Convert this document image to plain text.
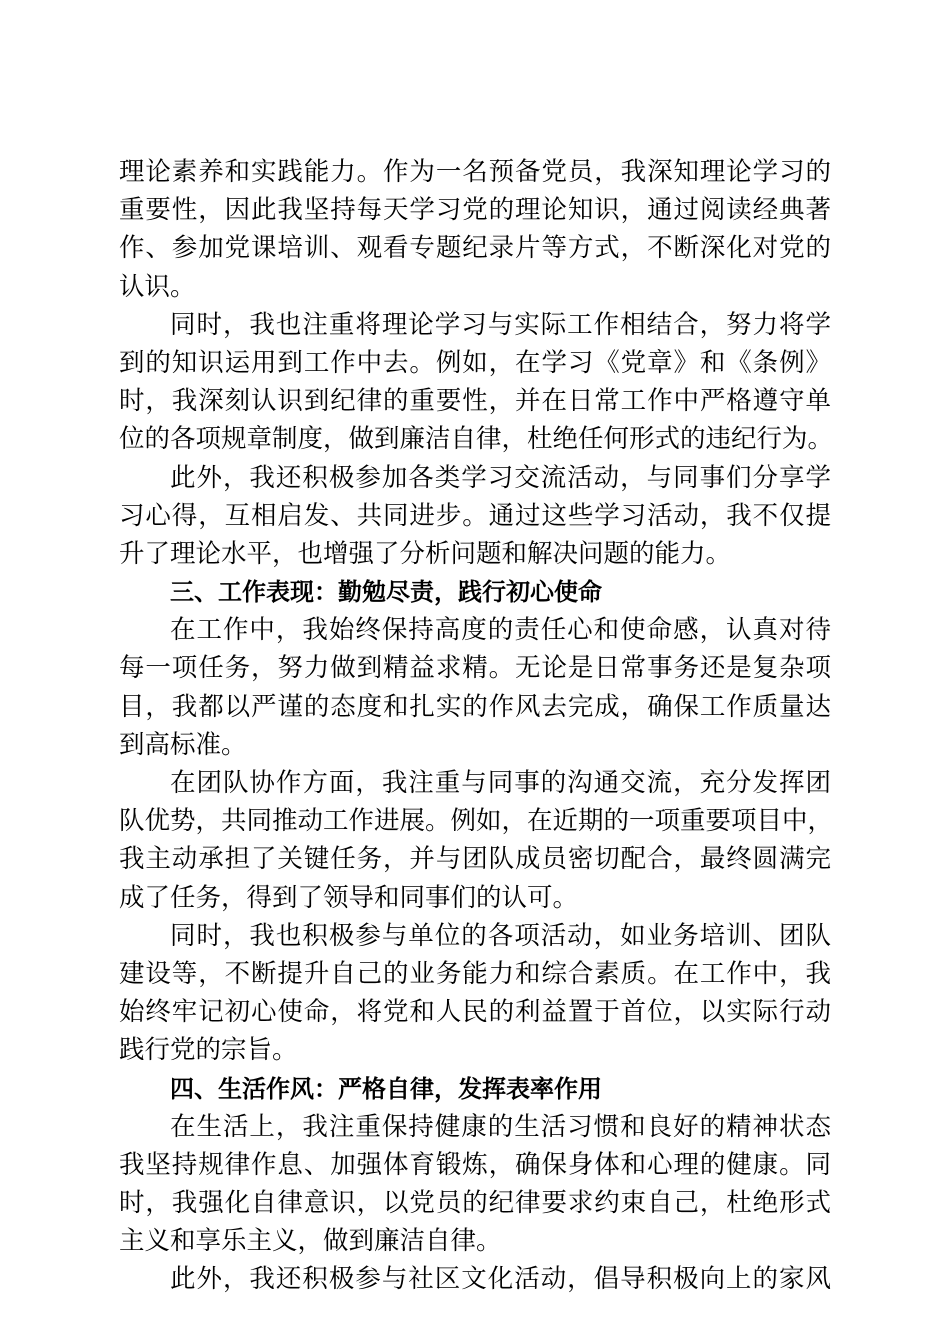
理论素养和实践能力。作为一名预备党员，我深知理论学习的
重要性，因此我坚持每天学习党的理论知识，通过阅读经典著
作、参加党课培训、观看专题纪录片等方式，不断深化对党的
认识。
同时，我也注重将理论学习与实际工作相结合，努力将学
到的知识运用到工作中去。例如，在学习《党章》和《条例》
时，我深刻认识到纪律的重要性，并在日常工作中严格遵守单
位的各项规章制度，做到廉洁自律，杜绝任何形式的违纪行为。
此外，我还积极参加各类学习交流活动，与同事们分享学
习心得，互相启发、共同进步。通过这些学习活动，我不仅提
升了理论水平，也增强了分析问题和解决问题的能力。
三、工作表现：勤勉尽责，践行初心使命
在工作中，我始终保持高度的责任心和使命感，认真对待
每一项任务，努力做到精益求精。无论是日常事务还是复杂项
目，我都以严谨的态度和扎实的作风去完成，确保工作质量达
到高标准。
在团队协作方面，我注重与同事的沟通交流，充分发挥团
队优势，共同推动工作进展。例如，在近期的一项重要项目中，
我主动承担了关键任务，并与团队成员密切配合，最终圆满完
成了任务，得到了领导和同事们的认可。
同时，我也积极参与单位的各项活动，如业务培训、团队
建设等，不断提升自己的业务能力和综合素质。在工作中，我
始终牢记初心使命，将党和人民的利益置于首位，以实际行动
践行党的宗旨。
四、生活作风：严格自律，发挥表率作用
在生活上，我注重保持健康的生活习惯和良好的精神状态
我坚持规律作息、加强体育锻炼，确保身体和心理的健康。同
时，我强化自律意识，以党员的纪律要求约束自己，杜绝形式
主义和享乐主义，做到廉洁自律。
此外，我还积极参与社区文化活动，倡导积极向上的家风
